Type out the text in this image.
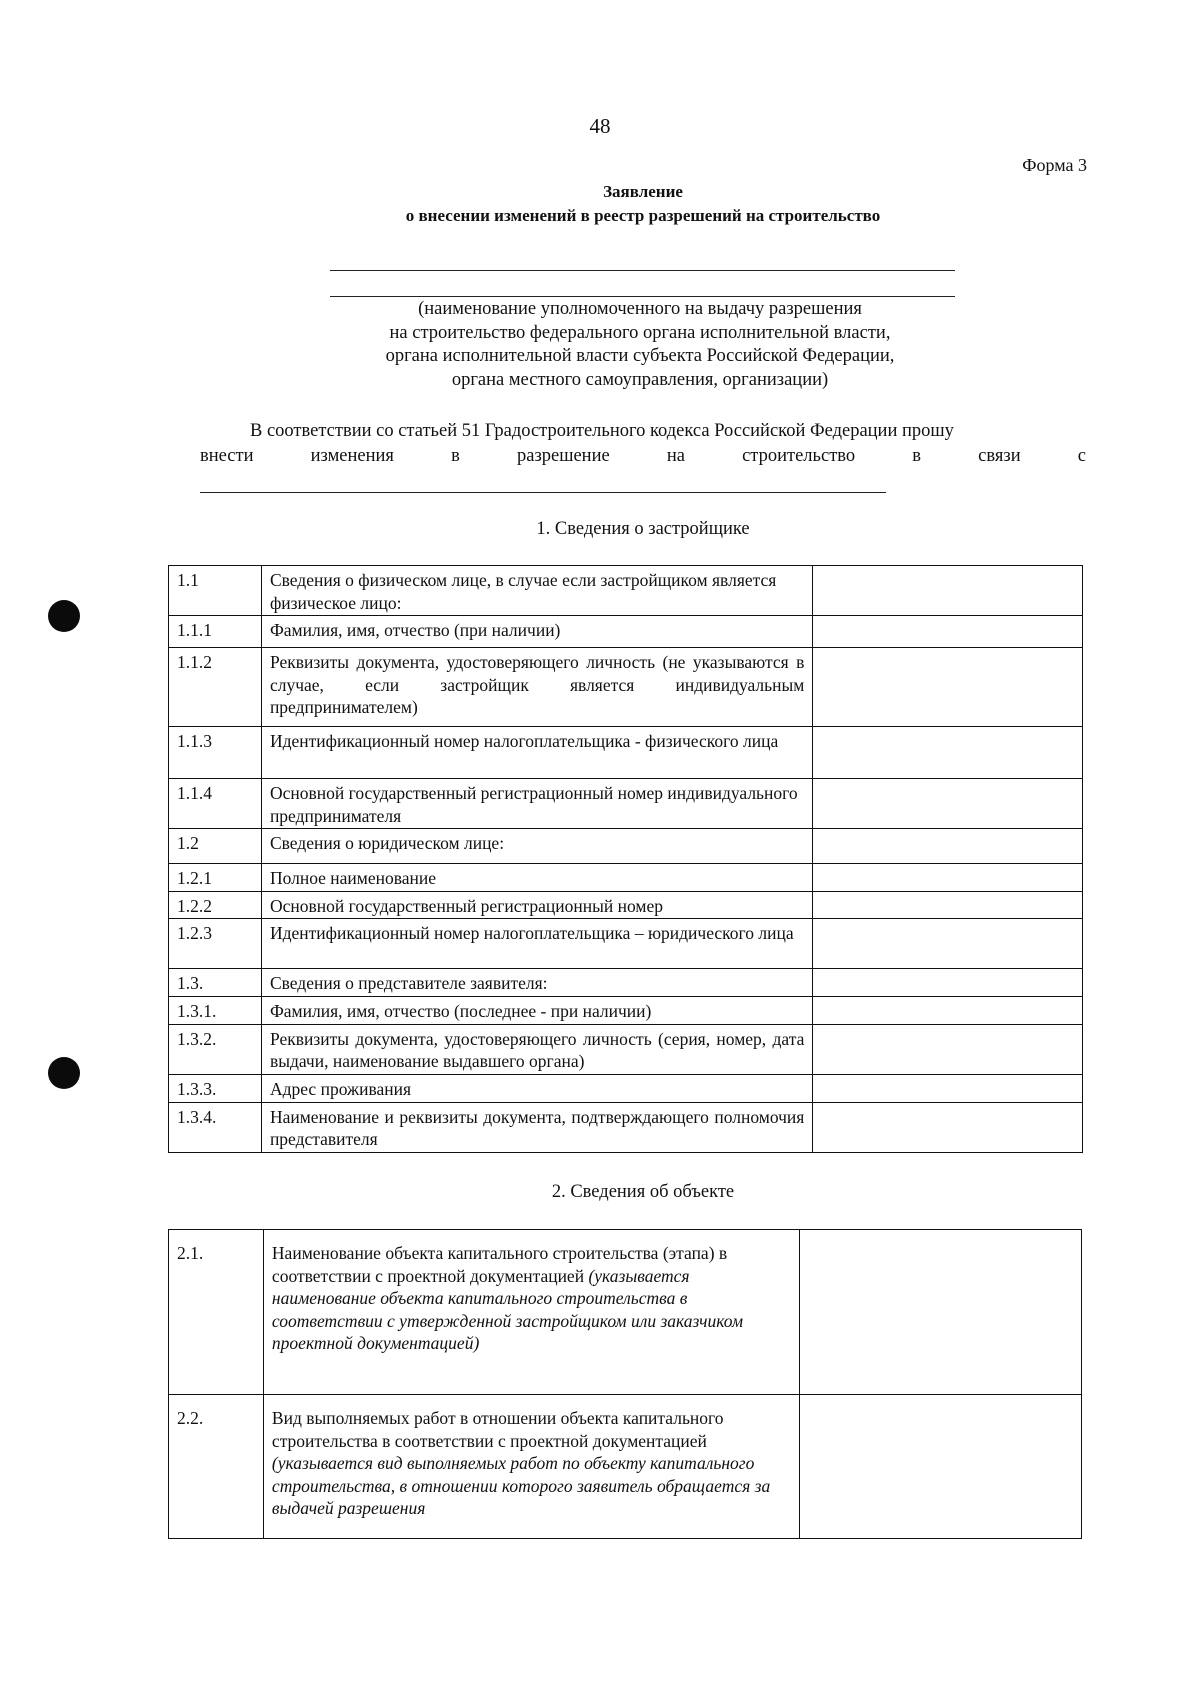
48
Форма 3
Заявление
о внесении изменений в реестр разрешений на строительство
(наименование уполномоченного на выдачу разрешения
на строительство федерального органа исполнительной власти,
органа исполнительной власти субъекта Российской Федерации,
органа местного самоуправления, организации)
В соответствии со статьей 51 Градостроительного кодекса Российской Федерации прошу
внести	изменения	в	разрешение	на	строительство	в	связи	с
1. Сведения о застройщике
1.1	Сведения о физическом лице, в случае если застройщиком является физическое лицо:	
1.1.1	Фамилия, имя, отчество (при наличии)	
1.1.2	Реквизиты документа, удостоверяющего личность (не указываются в случае, если застройщик является индивидуальным предпринимателем)	
1.1.3	Идентификационный номер налогоплательщика - физического лица	
1.1.4	Основной государственный регистрационный номер индивидуального предпринимателя	
1.2	Сведения о юридическом лице:	
1.2.1	Полное наименование	
1.2.2	Основной государственный регистрационный номер	
1.2.3	Идентификационный номер налогоплательщика – юридического лица	
1.3.	Сведения о представителе заявителя:	
1.3.1.	Фамилия, имя, отчество (последнее - при наличии)	
1.3.2.	Реквизиты документа, удостоверяющего личность (серия, номер, дата выдачи, наименование выдавшего органа)	
1.3.3.	Адрес проживания	
1.3.4.	Наименование и реквизиты документа, подтверждающего полномочия представителя	
2. Сведения об объекте
2.1.	Наименование объекта капитального строительства (этапа) в соответствии с проектной документацией (указывается наименование объекта капитального строительства в соответствии с утвержденной застройщиком или заказчиком проектной документацией)	
2.2.	Вид выполняемых работ в отношении объекта капитального строительства в соответствии с проектной документацией (указывается вид выполняемых работ по объекту капитального строительства, в отношении которого заявитель обращается за выдачей разрешения	
